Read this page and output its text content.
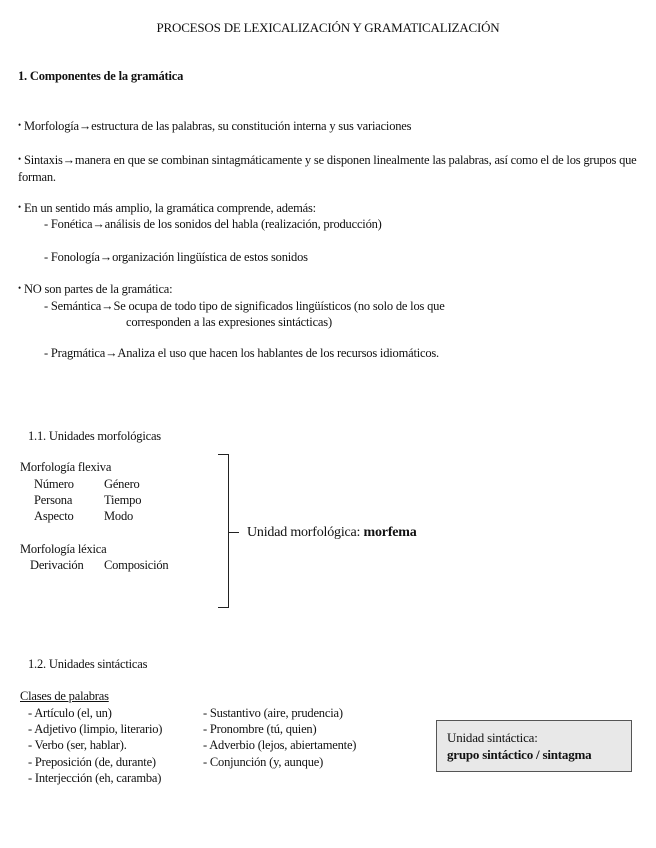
PROCESOS DE LEXICALIZACIÓN Y GRAMATICALIZACIÓN
1. Componentes de la gramática
• Morfología→estructura de las palabras, su constitución interna y sus variaciones
• Sintaxis→manera en que se combinan sintagmáticamente y se disponen linealmente las palabras, así como el de los grupos que forman.
• En un sentido más amplio, la gramática comprende, además:
- Fonética→análisis de los sonidos del habla (realización, producción)
- Fonología→organización lingüística de estos sonidos
• NO son partes de la gramática:
- Semántica→Se ocupa de todo tipo de significados lingüísticos (no solo de los que
corresponden a las expresiones sintácticas)
- Pragmática→Analiza el uso que hacen los hablantes de los recursos idiomáticos.
1.1. Unidades morfológicas
Morfología flexiva
Número Género
Persona	Tiempo
Aspecto Modo
Morfología léxica
Derivación Composición
Unidad morfológica: morfema
1.2. Unidades sintácticas
Clases de palabras
- Artículo (el, un)
- Adjetivo (limpio, literario)
- Verbo (ser, hablar).
- Preposición (de, durante)
- Interjección (eh, caramba)
- Sustantivo (aire, prudencia)
- Pronombre (tú, quien)
- Adverbio (lejos, abiertamente)
- Conjunción (y, aunque)
Unidad sintáctica:
grupo sintáctico / sintagma
